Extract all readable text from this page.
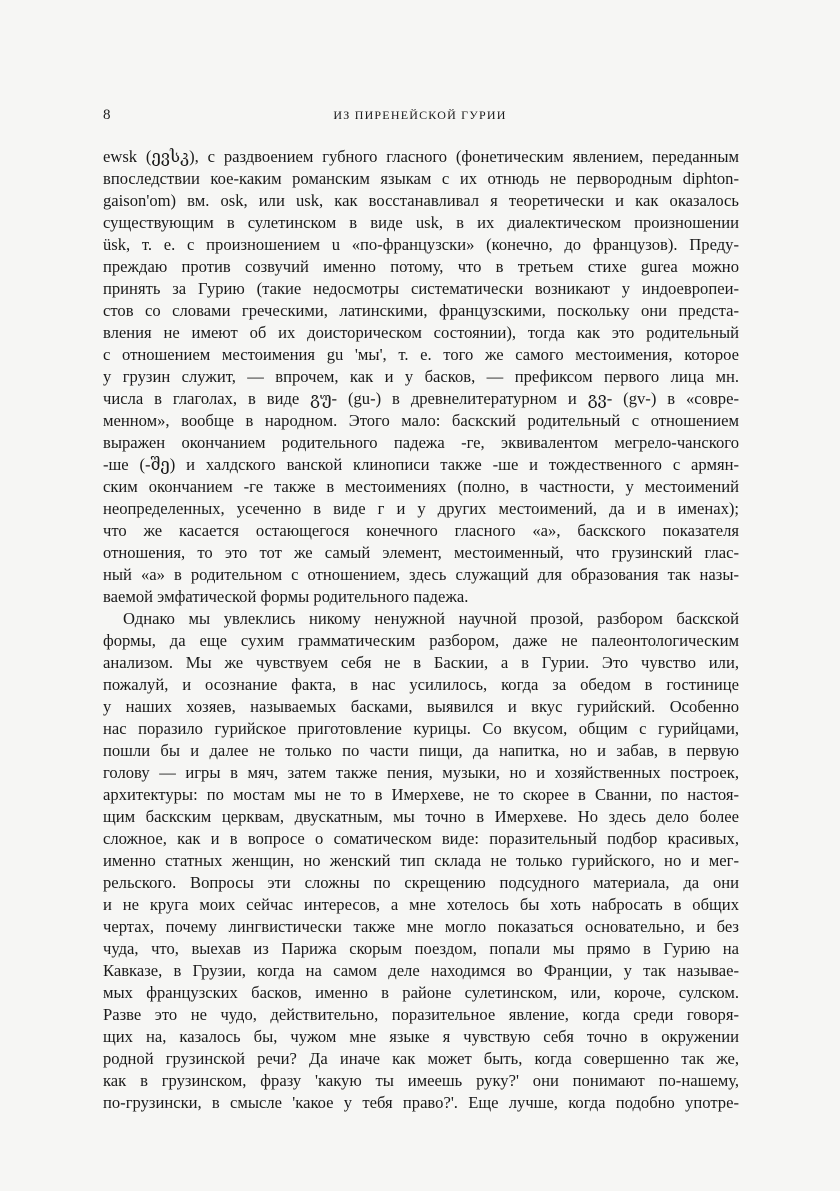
8	ИЗ ПИРЕНЕЙСКОЙ ГУРИИ
ewsk (ევსკ), с раздвоением губного гласного (фонетическим явлением, переданным
впоследствии кое-каким романским языкам с их отнюдь не первородным diphton-
gaison'om) вм. osk, или usk, как восстанавливал я теоретически и как оказалось
существующим в сулетинском в виде usk, в их диалектическом произношении
üsk, т. е. с произношением u «по-французски» (конечно, до французов). Преду-
преждаю против созвучий именно потому, что в третьем стихе gurea можно
принять за Гурию (такие недосмотры систематически возникают у индоевропеи-
стов со словами греческими, латинскими, французскими, поскольку они предста-
вления не имеют об их доисторическом состоянии), тогда как это родительный
с отношением местоимения gu 'мы', т. е. того же самого местоимения, которое
у грузин служит, — впрочем, как и у басков, — префиксом первого лица мн.
числа в глаголах, в виде გუ- (gu-) в древнелитературном и გვ- (gv-) в «совре-
менном», вообще в народном. Этого мало: баскский родительный с отношением
выражен окончанием родительного падежа -ге, эквивалентом мегрело-чанского
-ше (-შე) и халдского ванской клинописи также -ше и тождественного с армян-
ским окончанием -ге также в местоимениях (полно, в частности, у местоимений
неопределенных, усеченно в виде г и у других местоимений, да и в именах);
что же касается остающегося конечного гласного «а», баскского показателя
отношения, то это тот же самый элемент, местоименный, что грузинский глас-
ный «а» в родительном с отношением, здесь служащий для образования так назы-
ваемой эмфатической формы родительного падежа.
Однако мы увлеклись никому ненужной научной прозой, разбором баскской
формы, да еще сухим грамматическим разбором, даже не палеонтологическим
анализом. Мы же чувствуем себя не в Баскии, а в Гурии. Это чувство или,
пожалуй, и осознание факта, в нас усилилось, когда за обедом в гостинице
у наших хозяев, называемых басками, выявился и вкус гурийский. Особенно
нас поразило гурийское приготовление курицы. Со вкусом, общим с гурийцами,
пошли бы и далее не только по части пищи, да напитка, но и забав, в первую
голову — игры в мяч, затем также пения, музыки, но и хозяйственных построек,
архитектуры: по мостам мы не то в Имерхеве, не то скорее в Сванни, по настоя-
щим баскским церквам, двускатным, мы точно в Имерхеве. Но здесь дело более
сложное, как и в вопросе о соматическом виде: поразительный подбор красивых,
именно статных женщин, но женский тип склада не только гурийского, но и мег-
рельского. Вопросы эти сложны по скрещению подсудного материала, да они
и не круга моих сейчас интересов, а мне хотелось бы хоть набросать в общих
чертах, почему лингвистически также мне могло показаться основательно, и без
чуда, что, выехав из Парижа скорым поездом, попали мы прямо в Гурию на
Кавказе, в Грузии, когда на самом деле находимся во Франции, у так называе-
мых французских басков, именно в районе сулетинском, или, короче, сулском.
Разве это не чудо, действительно, поразительное явление, когда среди говоря-
щих на, казалось бы, чужом мне языке я чувствую себя точно в окружении
родной грузинской речи? Да иначе как может быть, когда совершенно так же,
как в грузинском, фразу 'какую ты имеешь руку?' они понимают по-нашему,
по-грузински, в смысле 'какое у тебя право?'. Еще лучше, когда подобно употре-
